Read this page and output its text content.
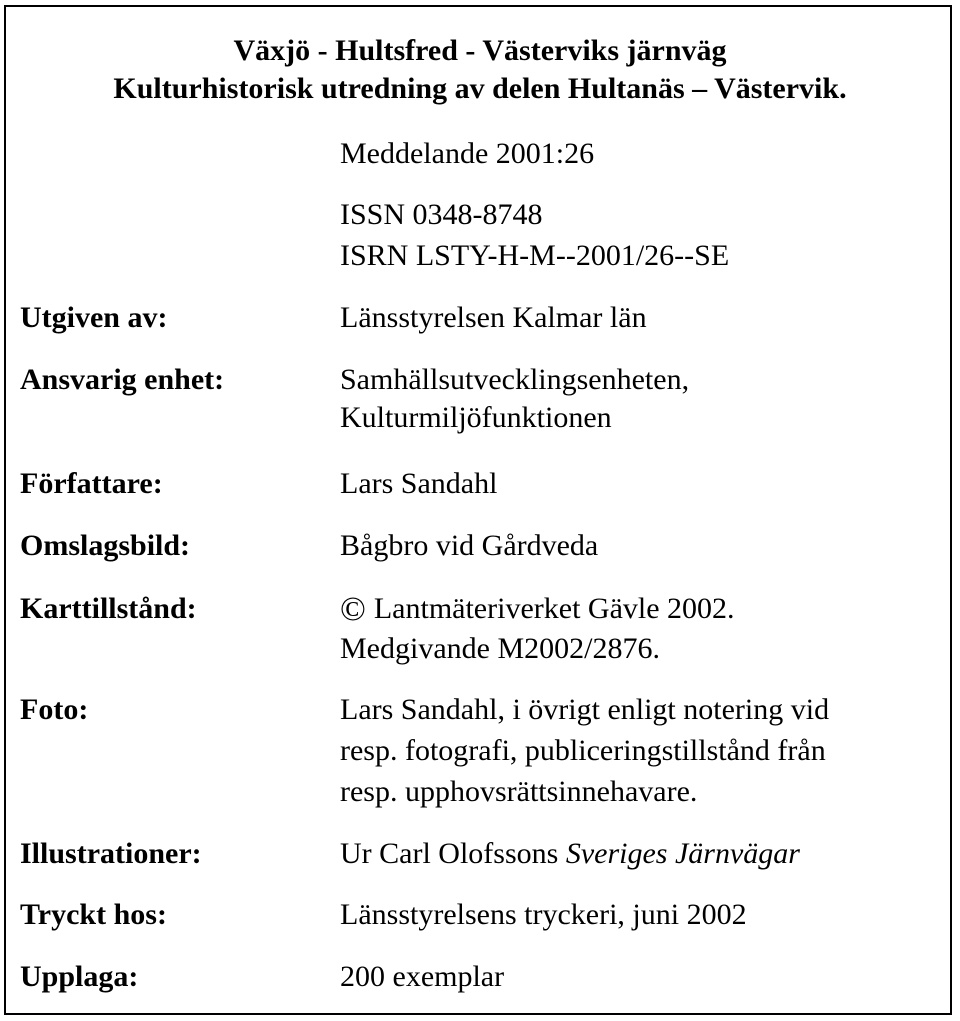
Växjö - Hultsfred - Västerviks järnväg
Kulturhistorisk utredning av delen Hultanäs – Västervik.
Meddelande 2001:26
ISSN 0348-8748
ISRN LSTY-H-M--2001/26--SE
Utgiven av:	Länsstyrelsen Kalmar län
Ansvarig enhet:	Samhällsutvecklingsenheten,
Kulturmiljöfunktionen
Författare:	Lars Sandahl
Omslagsbild:	Bågbro vid Gårdveda
Karttillstånd:	© Lantmäteriverket Gävle 2002.
Medgivande M2002/2876.
Foto:	Lars Sandahl, i övrigt enligt notering vid
resp. fotografi, publiceringstillstånd från
resp. upphovsrättsinnehavare.
Illustrationer:	Ur Carl Olofssons Sveriges Järnvägar
Tryckt hos:	Länsstyrelsens tryckeri, juni 2002
Upplaga:	200 exemplar
